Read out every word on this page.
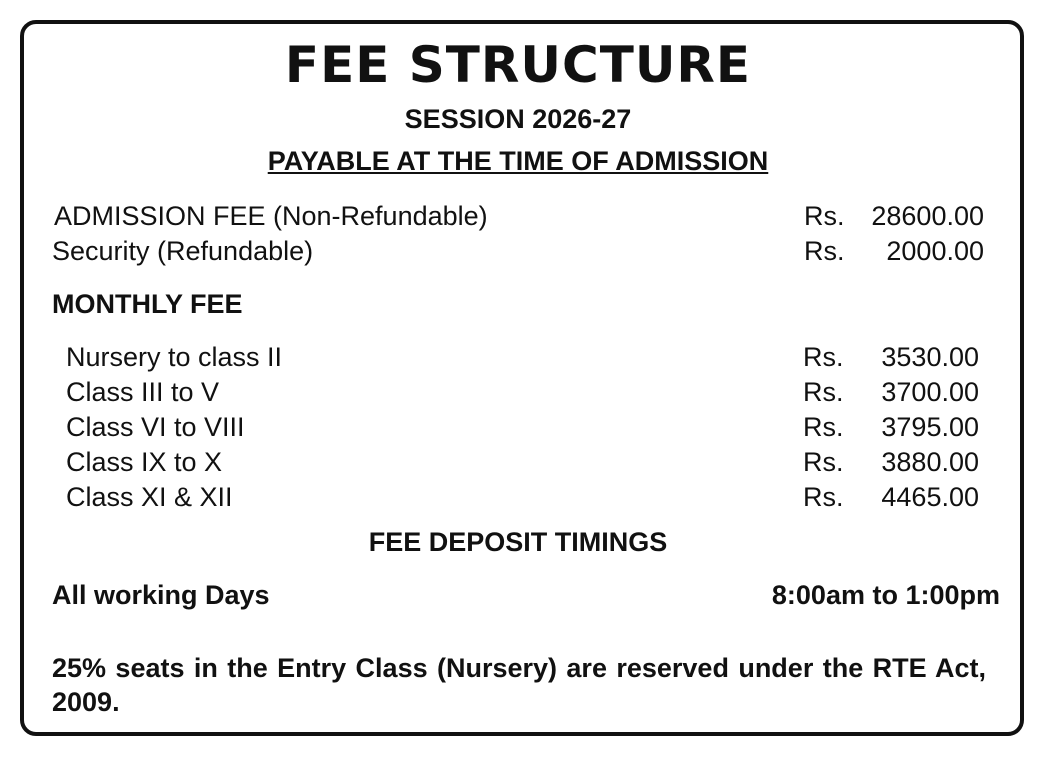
FEE STRUCTURE
SESSION 2026-27
PAYABLE AT THE TIME OF ADMISSION
ADMISSION FEE (Non-Refundable)	Rs. 28600.00
Security (Refundable)	Rs.	2000.00
MONTHLY FEE
Nursery to class II	Rs.	3530.00
Class III to V	Rs.	3700.00
Class VI to VIII	Rs.	3795.00
Class IX to X	Rs.	3880.00
Class XI & XII	Rs.	4465.00
FEE DEPOSIT TIMINGS
All working Days	8:00am to 1:00pm
25% seats in the Entry Class (Nursery) are reserved under the RTE Act, 2009.
